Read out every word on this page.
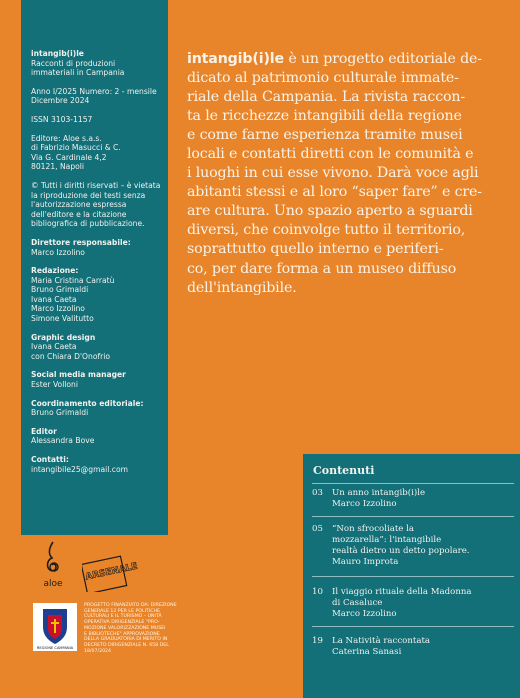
intangib(i)le
Racconti di produzioni
immateriali in Campania
Anno I/2025 Numero: 2 - mensile
Dicembre 2024
ISSN 3103-1157
Editore: Aloe s.a.s.
di Fabrizio Masucci & C.
Via G. Cardinale 4,2
80121, Napoli
© Tutti i diritti riservati – è vietata
la riproduzione dei testi senza
l'autorizzazione espressa
dell'editore e la citazione
bibliografica di pubblicazione.
Direttore responsabile:
Marco Izzolino
Redazione:
Maria Cristina Carratù
Bruno Grimaldi
Ivana Caeta
Marco Izzolino
Simone Valitutto
Graphic design
Ivana Caeta
con Chiara D'Onofrio
Social media manager
Ester Volloni
Coordinamento editoriale:
Bruno Grimaldi
Editor
Alessandra Bove
Contatti:
intangibile25@gmail.com

intangib(i)le è un progetto editoriale de-
dicato al patrimonio culturale immate-
riale della Campania. La rivista raccon-
ta le ricchezze intangibili della regione
e come farne esperienza tramite musei
locali e contatti diretti con le comunità e
i luoghi in cui esse vivono. Darà voce agli
abitanti stessi e al loro “saper fare” e cre-
are cultura. Uno spazio aperto a sguardi
diversi, che coinvolge tutto il territorio,
soprattutto quello interno e periferi-
co, per dare forma a un museo diffuso
dell'intangibile.

Contenuti

03	Un anno intangib(i)le
Marco Izzolino
05	“Non sfrocoliate la
mozzarella”: l'intangibile
realtà dietro un detto popolare.
Mauro Improta
10	Il viaggio rituale della Madonna
di Casaluce
Marco Izzolino
19	La Natività raccontata
Caterina Sanasi
aloe
ARSENALE
REGIONE CAMPANIA

PROGETTO FINANZIATO DA: DIREZIONE
GENERALE 12 PER LE POLITICHE
CULTURALI E IL TURISMO – UNITÀ
OPERATIVA DIRIGENZIALE "PRO-
MOZIONE VALORIZZAZIONE MUSEI
E BIBLIOTECHE" APPROVAZIONE
DELLA GRADUATORIA DI MERITO IN
DECRETO DIRIGENZIALE N. 658 DEL
18/07/2024
